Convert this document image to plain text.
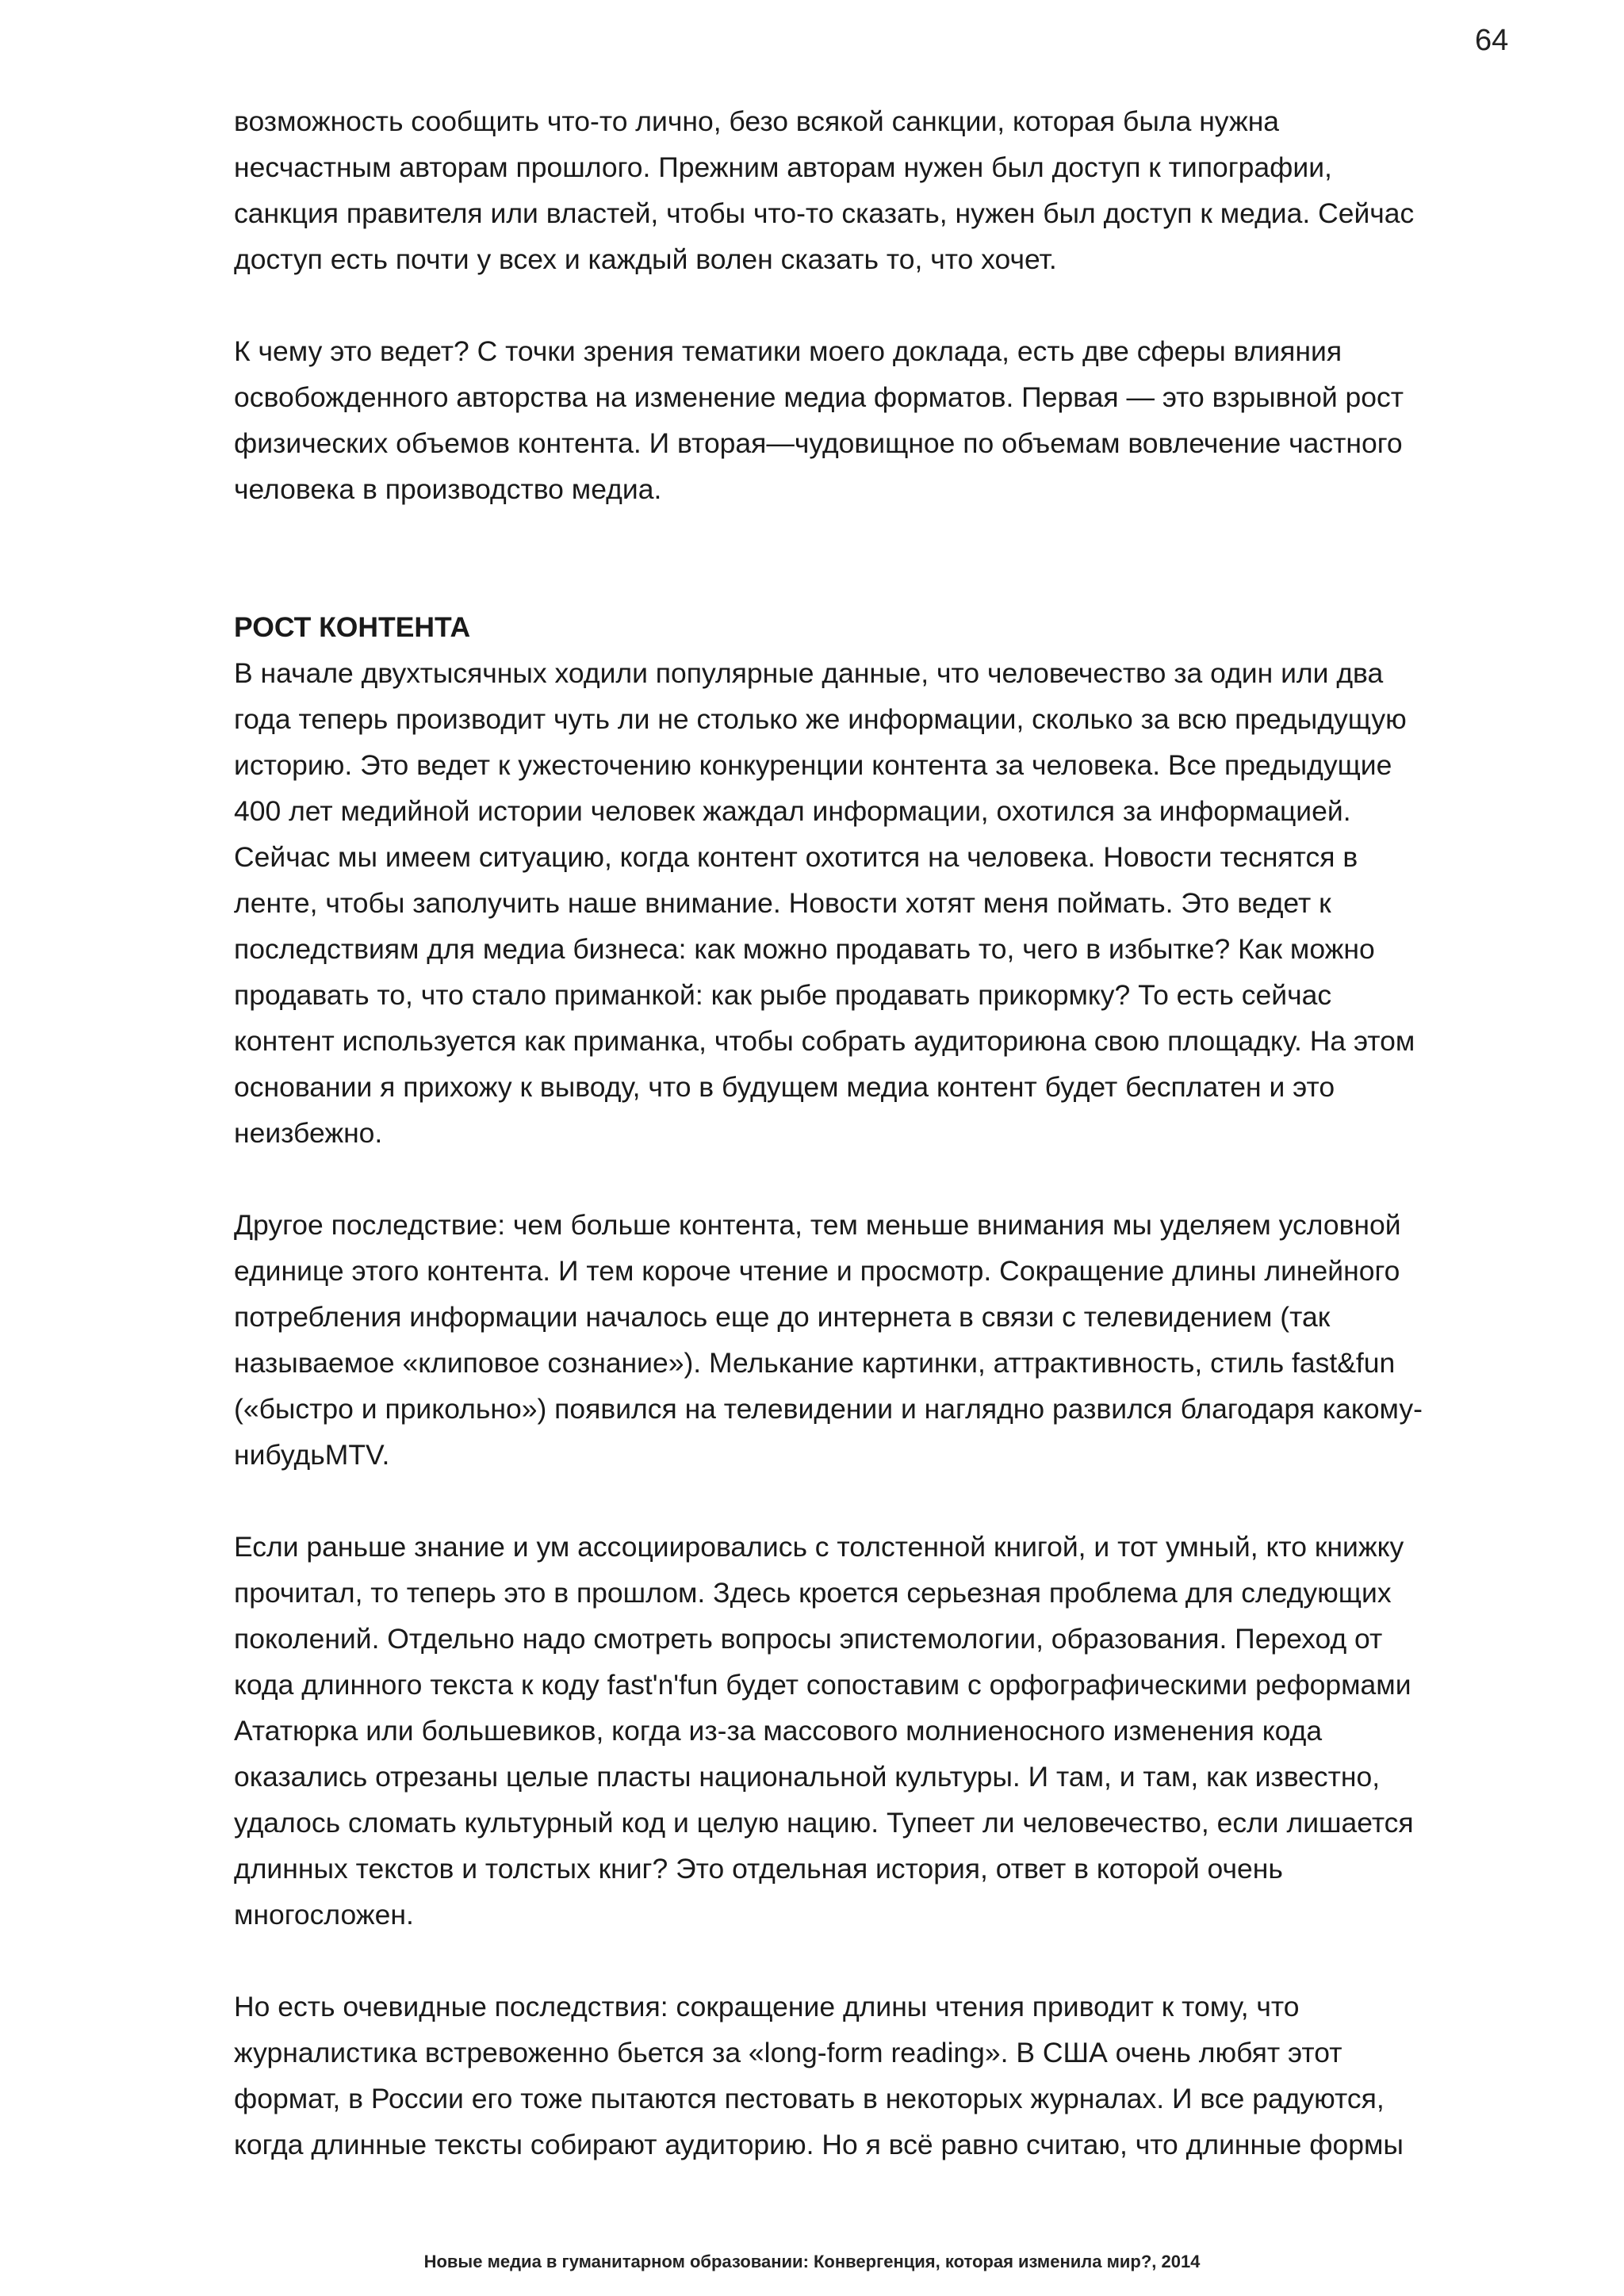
64

возможность сообщить что-то лично, безо всякой санкции, которая была нужна
несчастным авторам прошлого. Прежним авторам нужен был доступ к типографии,
санкция правителя или властей, чтобы что-то сказать, нужен был доступ к медиа. Сейчас
доступ есть почти у всех и каждый волен сказать то, что хочет.

К чему это ведет? С точки зрения тематики моего доклада, есть две сферы влияния
освобожденного авторства на изменение медиа форматов. Первая — это взрывной рост
физических объемов контента. И вторая—чудовищное по объемам вовлечение частного
человека в производство медиа.

РОСТ КОНТЕНТА

В начале двухтысячных ходили популярные данные, что человечество за один или два
года теперь производит чуть ли не столько же информации, сколько за всю предыдущую
историю. Это ведет к ужесточению конкуренции контента за человека. Все предыдущие
400 лет медийной истории человек жаждал информации, охотился за информацией.
Сейчас мы имеем ситуацию, когда контент охотится на человека. Новости теснятся в
ленте, чтобы заполучить наше внимание. Новости хотят меня поймать. Это ведет к
последствиям для медиа бизнеса: как можно продавать то, чего в избытке? Как можно
продавать то, что стало приманкой: как рыбе продавать прикормку? То есть сейчас
контент используется как приманка, чтобы собрать аудиториюна свою площадку. На этом
основании я прихожу к выводу, что в будущем медиа контент будет бесплатен и это
неизбежно.

Другое последствие: чем больше контента, тем меньше внимания мы уделяем условной
единице этого контента. И тем короче чтение и просмотр. Сокращение длины линейного
потребления информации началось еще до интернета в связи с телевидением (так
называемое «клиповое сознание»). Мелькание картинки, аттрактивность, стиль fast&fun
(«быстро и прикольно») появился на телевидении и наглядно развился благодаря какому-
нибудьMTV.

Если раньше знание и ум ассоциировались с толстенной книгой, и тот умный, кто книжку
прочитал, то теперь это в прошлом. Здесь кроется серьезная проблема для следующих
поколений. Отдельно надо смотреть вопросы эпистемологии, образования. Переход от
кода длинного текста к коду fast'n'fun будет сопоставим с орфографическими реформами
Ататюрка или большевиков, когда из-за массового молниеносного изменения кода
оказались отрезаны целые пласты национальной культуры. И там, и там, как известно,
удалось сломать культурный код и целую нацию. Тупеет ли человечество, если лишается
длинных текстов и толстых книг? Это отдельная история, ответ в которой очень
многосложен.

Но есть очевидные последствия: сокращение длины чтения приводит к тому, что
журналистика встревоженно бьется за «long-form reading». В США очень любят этот
формат, в России его тоже пытаются пестовать в некоторых журналах. И все радуются,
когда длинные тексты собирают аудиторию. Но я всё равно считаю, что длинные формы

Новые медиа в гуманитарном образовании: Конвергенция, которая изменила мир?, 2014
